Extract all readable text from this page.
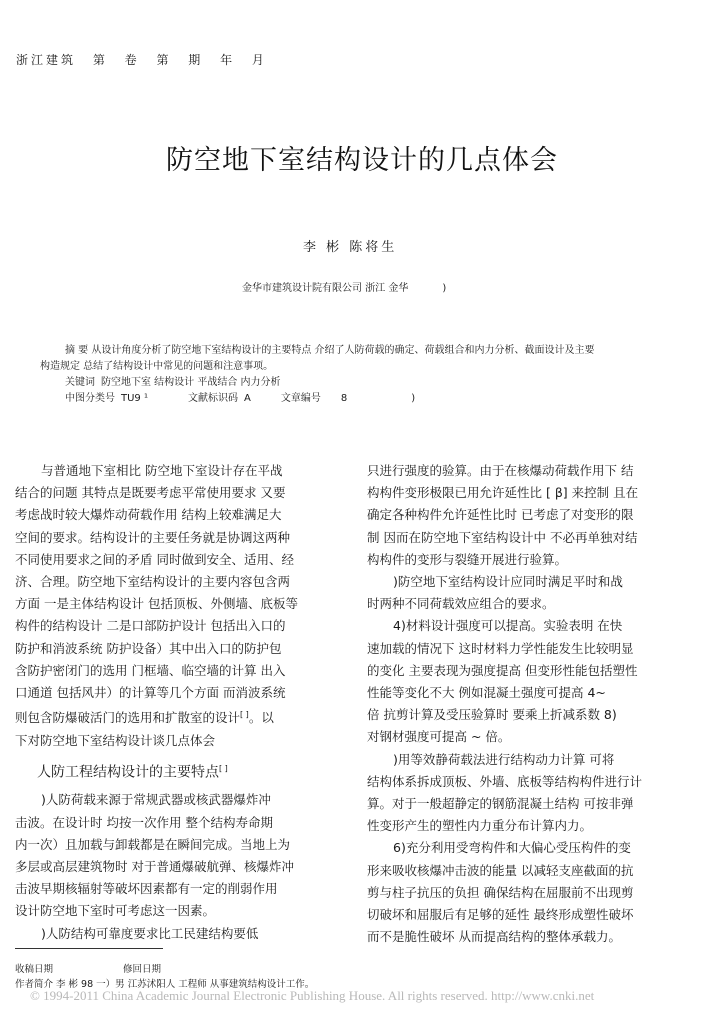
浙江建筑 第 卷 第 期 年 月
防空地下室结构设计的几点体会
李 彬 陈将生
金华市建筑设计院有限公司 浙江 金华	)
摘 要 从设计角度分析了防空地下室结构设计的主要特点 介绍了人防荷载的确定、荷载组合和内力分析、截面设计及主要
构造规定 总结了结构设计中常见的问题和注意事项。
关键词 防空地下室 结构设计 平战结合 内力分析
中图分类号 TU9 ¹	文献标识码 A	文章编号 8	)
与普通地下室相比 防空地下室设计存在平战
结合的问题 其特点是既要考虑平常使用要求 又要
考虑战时较大爆炸动荷载作用 结构上较难满足大
空间的要求。结构设计的主要任务就是协调这两种
不同使用要求之间的矛盾 同时做到安全、适用、经
济、合理。防空地下室结构设计的主要内容包含两
方面 一是主体结构设计 包括顶板、外侧墙、底板等
构件的结构设计 二是口部防护设计 包括出入口的
防护和消波系统 防护设备）其中出入口的防护包
含防护密闭门的选用 门框墙、临空墙的计算 出入
口通道 包括风井）的计算等几个方面 而消波系统
则包含防爆破活门的选用和扩散室的设计[ ]。以
下对防空地下室结构设计谈几点体会
人防工程结构设计的主要特点[ ]
)人防荷载来源于常规武器或核武器爆炸冲
击波。在设计时 均按一次作用 整个结构寿命期
内一次）且加载与卸载都是在瞬间完成。当地上为
多层或高层建筑物时 对于普通爆破航弹、核爆炸冲
击波早期核辐射等破坏因素都有一定的削弱作用
设计防空地下室时可考虑这一因素。
)人防结构可靠度要求比工民建结构要低
只进行强度的验算。由于在核爆动荷载作用下 结
构构件变形极限已用允许延性比 [ β] 来控制 且在
确定各种构件允许延性比时 已考虑了对变形的限
制 因而在防空地下室结构设计中 不必再单独对结
构构件的变形与裂缝开展进行验算。
)防空地下室结构设计应同时满足平时和战
时两种不同荷载效应组合的要求。
4)材料设计强度可以提高。实验表明 在快
速加载的情况下 这时材料力学性能发生比较明显
的变化 主要表现为强度提高 但变形性能包括塑性
性能等变化不大 例如混凝土强度可提高 4~
倍 抗剪计算及受压验算时 要乘上折减系数 8)
对钢材强度可提高 ~ 倍。
)用等效静荷载法进行结构动力计算 可将
结构体系拆成顶板、外墙、底板等结构构件进行计
算。对于一般超静定的钢筋混凝土结构 可按非弹
性变形产生的塑性内力重分布计算内力。
6)充分利用受弯构件和大偏心受压构件的变
形来吸收核爆冲击波的能量 以减轻支座截面的抗
剪与柱子抗压的负担 确保结构在屈服前不出现剪
切破坏和屈服后有足够的延性 最终形成塑性破坏
而不是脆性破坏 从而提高结构的整体承载力。
收稿日期	修回日期
作者简介 李 彬 98 一）男 江苏沭阳人 工程师 从事建筑结构设计工作。
© 1994-2011 China Academic Journal Electronic Publishing House. All rights reserved. http://www.cnki.net
